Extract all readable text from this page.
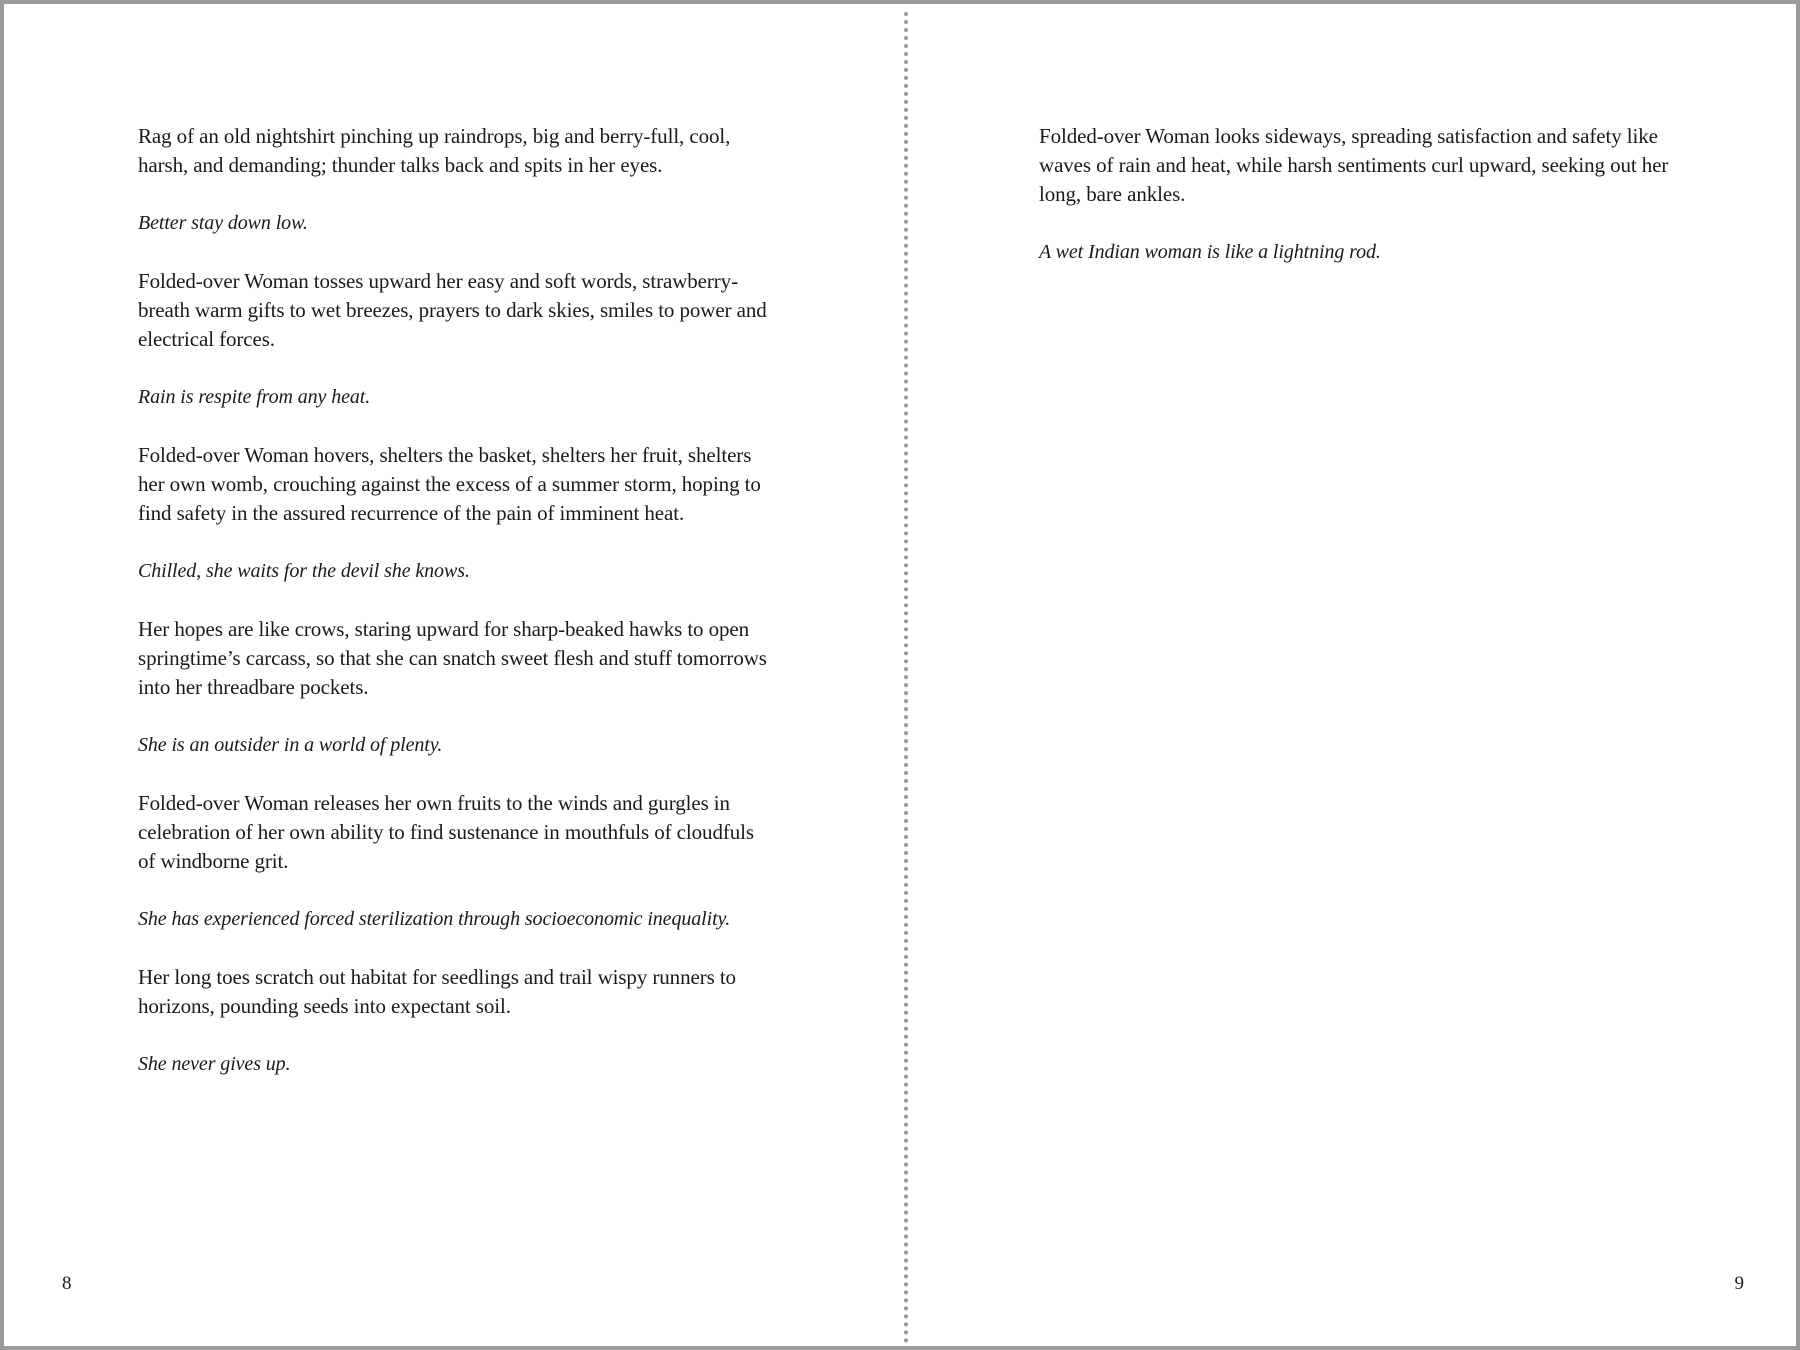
Rag of an old nightshirt pinching up raindrops, big and berry-full, cool, harsh, and demanding; thunder talks back and spits in her eyes.

Better stay down low.

Folded-over Woman tosses upward her easy and soft words, strawberry-breath warm gifts to wet breezes, prayers to dark skies, smiles to power and electrical forces.

Rain is respite from any heat.

Folded-over Woman hovers, shelters the basket, shelters her fruit, shelters her own womb, crouching against the excess of a summer storm, hoping to find safety in the assured recurrence of the pain of imminent heat.

Chilled, she waits for the devil she knows.

Her hopes are like crows, staring upward for sharp-beaked hawks to open springtime’s carcass, so that she can snatch sweet flesh and stuff tomorrows into her threadbare pockets.

She is an outsider in a world of plenty.

Folded-over Woman releases her own fruits to the winds and gurgles in celebration of her own ability to find sustenance in mouthfuls of cloudfuls of windborne grit.

She has experienced forced sterilization through socioeconomic inequality.

Her long toes scratch out habitat for seedlings and trail wispy runners to horizons, pounding seeds into expectant soil.

She never gives up.

8

Folded-over Woman looks sideways, spreading satisfaction and safety like waves of rain and heat, while harsh sentiments curl upward, seeking out her long, bare ankles.

A wet Indian woman is like a lightning rod.

9
